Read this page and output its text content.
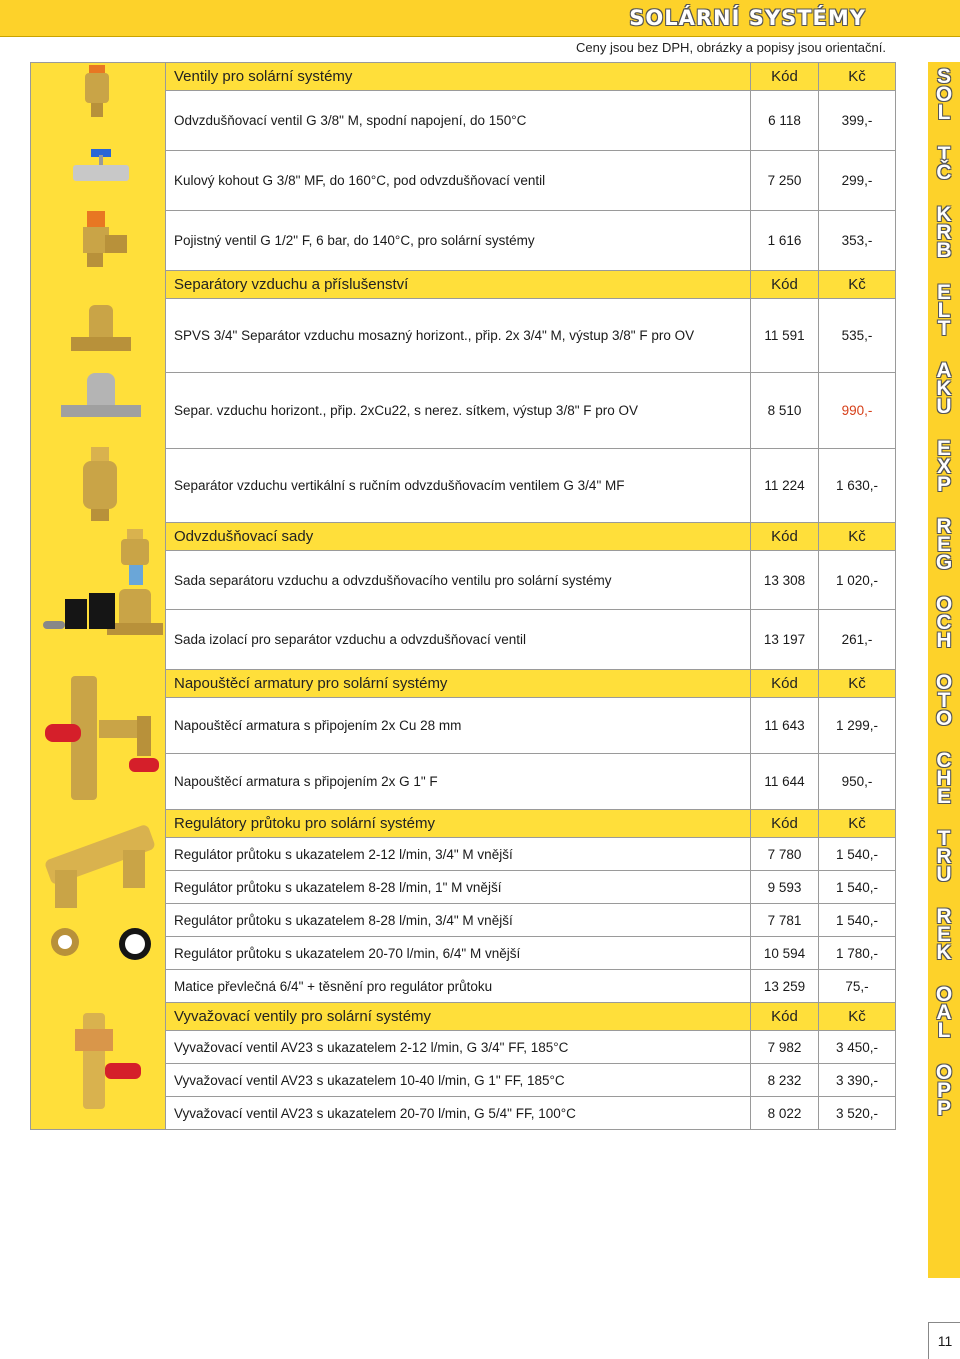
SOLÁRNÍ SYSTÉMY
Ceny jsou bez DPH, obrázky a popisy jsou orientační.
	Ventily pro solární systémy	Kód	Kč
	Odvzdušňovací ventil G 3/8" M, spodní napojení, do 150°C	6 118	399,-
	Kulový kohout G 3/8" MF, do 160°C, pod odvzdušňovací ventil	7 250	299,-
	Pojistný ventil G 1/2" F, 6 bar, do 140°C, pro solární systémy	1 616	353,-

	Separátory vzduchu a příslušenství	Kód	Kč
	SPVS 3/4" Separátor vzduchu mosazný horizont., přip. 2x 3/4" M, výstup 3/8" F pro OV	11 591	535,-
	Separ. vzduchu horizont., přip. 2xCu22, s nerez. sítkem, výstup 3/8" F pro OV	8 510	990,-
	Separátor vzduchu vertikální s ručním odvzdušňovacím ventilem G 3/4" MF	11 224	1 630,-

	Odvzdušňovací sady	Kód	Kč
	Sada separátoru vzduchu a odvzdušňovacího ventilu pro solární systémy	13 308	1 020,-
	Sada izolací pro separátor vzduchu a odvzdušňovací ventil	13 197	261,-

	Napouštěcí armatury pro solární systémy	Kód	Kč
	Napouštěcí armatura s připojením 2x Cu 28 mm	11 643	1 299,-
	Napouštěcí armatura s připojením 2x G 1" F	11 644	950,-

	Regulátory průtoku pro solární systémy	Kód	Kč
	Regulátor průtoku s ukazatelem 2-12 l/min, 3/4" M vnější	7 780	1 540,-
	Regulátor průtoku s ukazatelem 8-28 l/min, 1" M vnější	9 593	1 540,-
	Regulátor průtoku s ukazatelem 8-28 l/min, 3/4" M vnější	7 781	1 540,-
	Regulátor průtoku s ukazatelem 20-70 l/min, 6/4" M vnější	10 594	1 780,-
	Matice převlečná 6/4" + těsnění pro regulátor průtoku	13 259	75,-

	Vyvažovací ventily pro solární systémy	Kód	Kč
	Vyvažovací ventil AV23 s ukazatelem 2-12 l/min, G 3/4" FF, 185°C	7 982	3 450,-
	Vyvažovací ventil AV23 s ukazatelem 10-40 l/min, G 1" FF, 185°C	8 232	3 390,-
	Vyvažovací ventil AV23 s ukazatelem 20-70 l/min, G 5/4" FF, 100°C	8 022	3 520,-
S
O
L
T
Č
K
R
B
E
L
T
A
K
U
E
X
P
R
E
G
O
C
H
O
T
O
C
H
E
T
R
U
R
E
K
O
A
L
O
P
P
11
